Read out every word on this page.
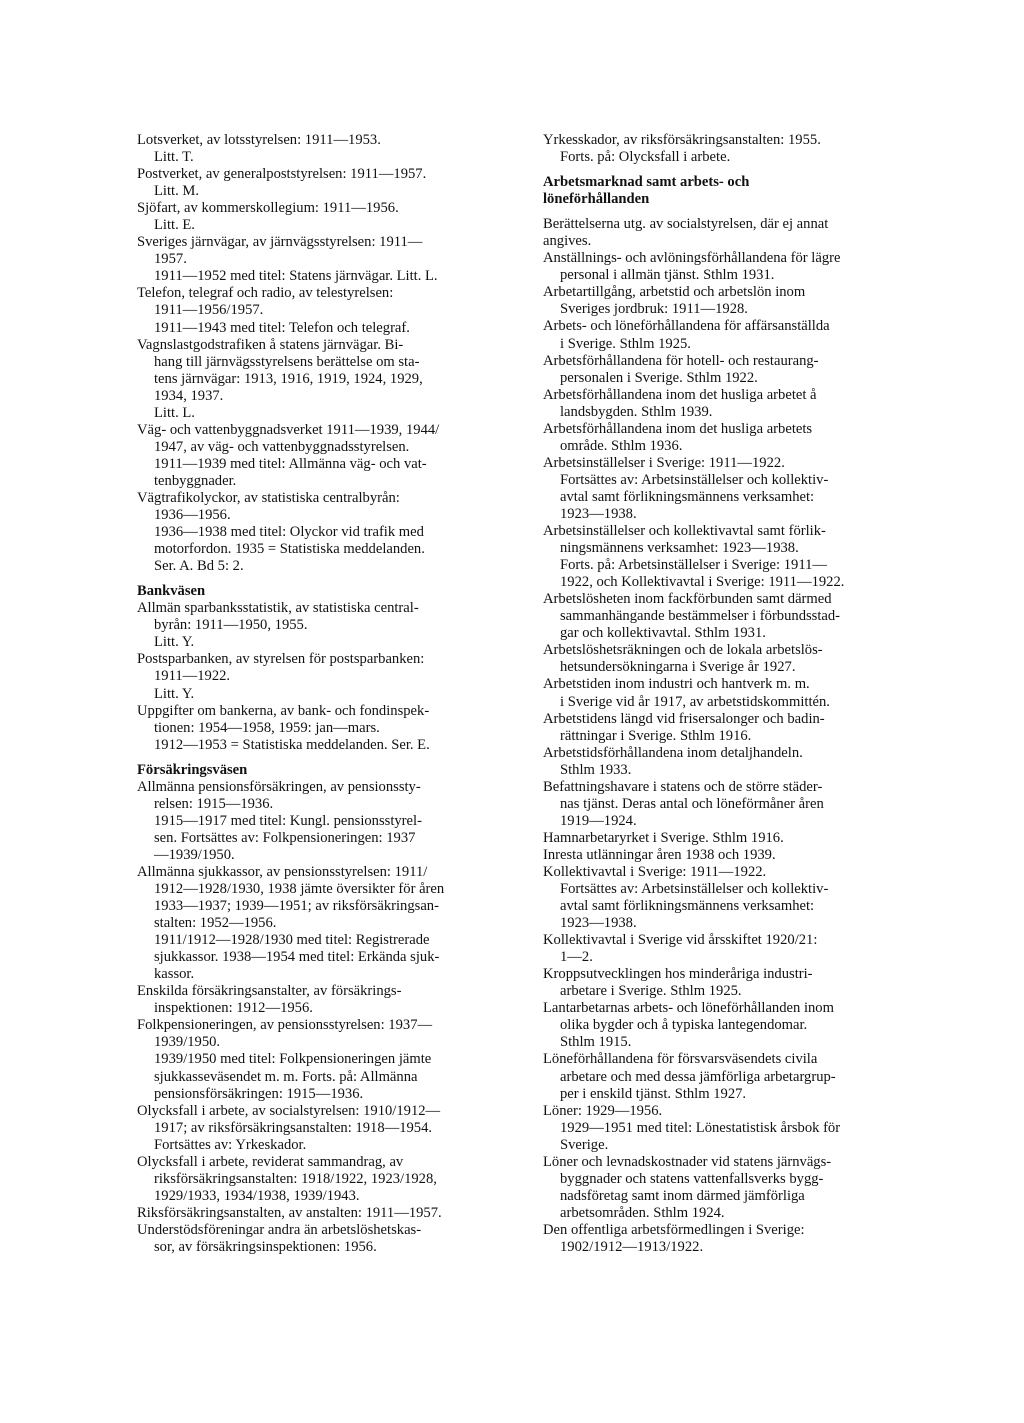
Lotsverket, av lotsstyrelsen: 1911—1953.
Litt. T.
Postverket, av generalpoststyrelsen: 1911—1957.
Litt. M.
Sjöfart, av kommerskollegium: 1911—1956.
Litt. E.
Sveriges järnvägar, av järnvägsstyrelsen: 1911—
1957.
1911—1952 med titel: Statens järnvägar. Litt. L.
Telefon, telegraf och radio, av telestyrelsen:
1911—1956/1957.
1911—1943 med titel: Telefon och telegraf.
Vagnslastgodstrafiken å statens järnvägar. Bi-
hang till järnvägsstyrelsens berättelse om sta-
tens järnvägar: 1913, 1916, 1919, 1924, 1929,
1934, 1937.
Litt. L.
Väg- och vattenbyggnadsverket 1911—1939, 1944/
1947, av väg- och vattenbyggnadsstyrelsen.
1911—1939 med titel: Allmänna väg- och vat-
tenbyggnader.
Vägtrafikolyckor, av statistiska centralbyrån:
1936—1956.
1936—1938 med titel: Olyckor vid trafik med
motorfordon. 1935 = Statistiska meddelanden.
Ser. A. Bd 5: 2.
Bankväsen
Allmän sparbanksstatistik, av statistiska central-
byrån: 1911—1950, 1955.
Litt. Y.
Postsparbanken, av styrelsen för postsparbanken:
1911—1922.
Litt. Y.
Uppgifter om bankerna, av bank- och fondinspek-
tionen: 1954—1958, 1959: jan—mars.
1912—1953 = Statistiska meddelanden. Ser. E.
Försäkringsväsen
Allmänna pensionsförsäkringen, av pensionssty-
relsen: 1915—1936.
1915—1917 med titel: Kungl. pensionsstyrel-
sen. Fortsättes av: Folkpensioneringen: 1937
—1939/1950.
Allmänna sjukkassor, av pensionsstyrelsen: 1911/
1912—1928/1930, 1938 jämte översikter för åren
1933—1937; 1939—1951; av riksförsäkringsan-
stalten: 1952—1956.
1911/1912—1928/1930 med titel: Registrerade
sjukkassor. 1938—1954 med titel: Erkända sjuk-
kassor.
Enskilda försäkringsanstalter, av försäkrings-
inspektionen: 1912—1956.
Folkpensioneringen, av pensionsstyrelsen: 1937—
1939/1950.
1939/1950 med titel: Folkpensioneringen jämte
sjukkasseväsendet m. m. Forts. på: Allmänna
pensionsförsäkringen: 1915—1936.
Olycksfall i arbete, av socialstyrelsen: 1910/1912—
1917; av riksförsäkringsanstalten: 1918—1954.
Fortsättes av: Yrkeskador.
Olycksfall i arbete, reviderat sammandrag, av
riksförsäkringsanstalten: 1918/1922, 1923/1928,
1929/1933, 1934/1938, 1939/1943.
Riksförsäkringsanstalten, av anstalten: 1911—1957.
Understödsföreningar andra än arbetslöshetskas-
sor, av försäkringsinspektionen: 1956.
Yrkesskador, av riksförsäkringsanstalten: 1955.
Forts. på: Olycksfall i arbete.
Arbetsmarknad samt arbets- och
löneförhållanden
Berättelserna utg. av socialstyrelsen, där ej annat
angives.
Anställnings- och avlöningsförhållandena för lägre
personal i allmän tjänst. Sthlm 1931.
Arbetartillgång, arbetstid och arbetslön inom
Sveriges jordbruk: 1911—1928.
Arbets- och löneförhållandena för affärsanställda
i Sverige. Sthlm 1925.
Arbetsförhållandena för hotell- och restaurang-
personalen i Sverige. Sthlm 1922.
Arbetsförhållandena inom det husliga arbetet å
landsbygden. Sthlm 1939.
Arbetsförhållandena inom det husliga arbetets
område. Sthlm 1936.
Arbetsinställelser i Sverige: 1911—1922.
Fortsättes av: Arbetsinställelser och kollektiv-
avtal samt förlikningsmännens verksamhet:
1923—1938.
Arbetsinställelser och kollektivavtal samt förlik-
ningsmännens verksamhet: 1923—1938.
Forts. på: Arbetsinställelser i Sverige: 1911—
1922, och Kollektivavtal i Sverige: 1911—1922.
Arbetslösheten inom fackförbunden samt därmed
sammanhängande bestämmelser i förbundsstad-
gar och kollektivavtal. Sthlm 1931.
Arbetslöshetsräkningen och de lokala arbetslös-
hetsundersökningarna i Sverige år 1927.
Arbetstiden inom industri och hantverk m. m.
i Sverige vid år 1917, av arbetstidskommittén.
Arbetstidens längd vid frisersalonger och badin-
rättningar i Sverige. Sthlm 1916.
Arbetstidsförhållandena inom detaljhandeln.
Sthlm 1933.
Befattningshavare i statens och de större städer-
nas tjänst. Deras antal och löneförmåner åren
1919—1924.
Hamnarbetaryrket i Sverige. Sthlm 1916.
Inresta utlänningar åren 1938 och 1939.
Kollektivavtal i Sverige: 1911—1922.
Fortsättes av: Arbetsinställelser och kollektiv-
avtal samt förlikningsmännens verksamhet:
1923—1938.
Kollektivavtal i Sverige vid årsskiftet 1920/21:
1—2.
Kroppsutvecklingen hos minderåriga industri-
arbetare i Sverige. Sthlm 1925.
Lantarbetarnas arbets- och löneförhållanden inom
olika bygder och å typiska lantegendomar.
Sthlm 1915.
Löneförhållandena för försvarsväsendets civila
arbetare och med dessa jämförliga arbetargrup-
per i enskild tjänst. Sthlm 1927.
Löner: 1929—1956.
1929—1951 med titel: Lönestatistisk årsbok för
Sverige.
Löner och levnadskostnader vid statens järnvägs-
byggnader och statens vattenfallsverks bygg-
nadsföretag samt inom därmed jämförliga
arbetsområden. Sthlm 1924.
Den offentliga arbetsförmedlingen i Sverige:
1902/1912—1913/1922.
